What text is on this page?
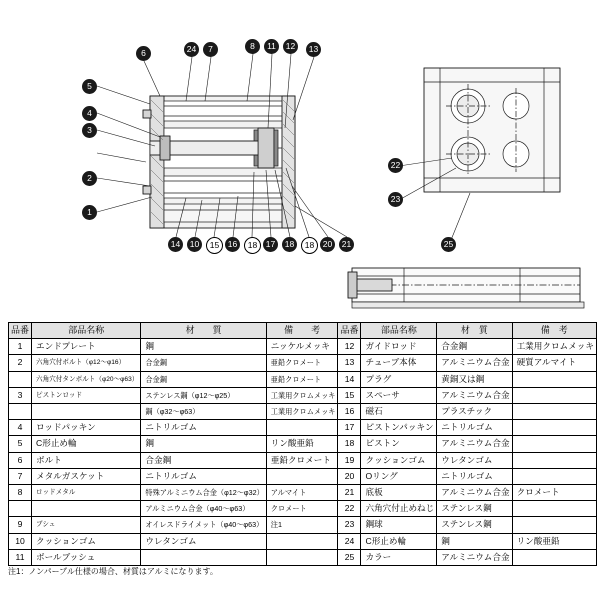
5
4
3
2
1
6	24	7	8	11	12	13
14	10	15	16	18	17	18	18	20	21
22
23
25
品番	部品名称	材　　質	備　　考	品番	部品名称	材　質	備　考
1	エンドプレート	鋼	ニッケルメッキ	12	ガイドロッド	合金鋼	工業用クロムメッキ
2	六角穴付ボルト（φ12～φ16）	合金鋼	亜鉛クロメート	13	チューブ本体	アルミニウム合金	硬質アルマイト
	六角穴付タンボルト（φ20～φ63）	合金鋼	亜鉛クロメート	14	プラグ	黄銅又は鋼	
3	ピストンロッド	ステンレス鋼（φ12～φ25）	工業用クロムメッキ	15	スペーサ	アルミニウム合金	
		鋼（φ32～φ63）	工業用クロムメッキ	16	磁石	プラスチック	
4	ロッドパッキン	ニトリルゴム		17	ピストンパッキン	ニトリルゴム	
5	C形止め輪	鋼	リン酸亜鉛	18	ピストン	アルミニウム合金	
6	ボルト	合金鋼	亜鉛クロメート	19	クッションゴム	ウレタンゴム	
7	メタルガスケット	ニトリルゴム		20	Oリング	ニトリルゴム	
8	ロッドメタル	特殊アルミニウム合金（φ12～φ32）	アルマイト	21	底板	アルミニウム合金	クロメート
		アルミニウム合金（φ40～φ63）	クロメート	22	六角穴付止めねじ	ステンレス鋼	
9	ブシュ	オイレスドライメット（φ40～φ63）	注1	23	鋼球	ステンレス鋼	
10	クッションゴム	ウレタンゴム		24	C形止め輪	鋼	リン酸亜鉛
11	ボールブッシュ			25	カラー	アルミニウム合金	
注1：ノンパープル仕様の場合、材質はアルミになります。
